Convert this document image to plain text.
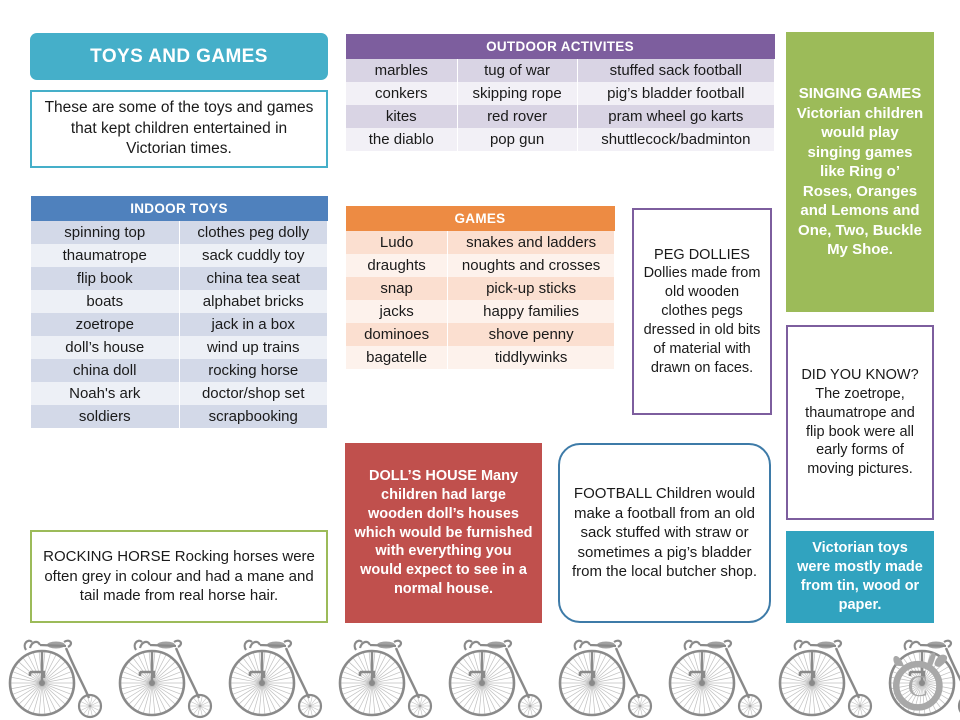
TOYS AND GAMES
These are some of the toys and games that kept children entertained in Victorian times.
INDOOR TOYS	
spinning top	clothes peg dolly
thaumatrope	sack cuddly toy
flip book	china tea seat
boats	alphabet bricks
zoetrope	jack in a box
doll’s house	wind up trains
china doll	rocking horse
Noah's ark	doctor/shop set
soldiers	scrapbooking
OUTDOOR ACTIVITES		
marbles	tug of war	stuffed sack football
conkers	skipping rope	pig’s bladder football
kites	red rover	pram wheel go karts
the diablo	pop gun	shuttlecock/badminton
GAMES	
Ludo	snakes and ladders
draughts	noughts and crosses
snap	pick-up sticks
jacks	happy families
dominoes	shove penny
bagatelle	tiddlywinks
SINGING GAMES Victorian children would play singing games like Ring o’ Roses, Oranges and Lemons and One, Two, Buckle My Shoe.
PEG DOLLIES Dollies made from old wooden clothes pegs dressed in old bits of material with drawn on faces.	DID YOU KNOW? The zoetrope, thaumatrope and flip book were all early forms of moving pictures.
DOLL’S HOUSE Many children had large wooden doll’s houses which would be furnished with everything you would expect to see in a normal house.
FOOTBALL Children would make a football from an old sack stuffed with straw or sometimes a pig’s bladder from the local butcher shop.
ROCKING HORSE Rocking horses were often grey in colour and had a mane and tail made from real horse hair.
Victorian toys were mostly made from tin, wood or paper.
C
